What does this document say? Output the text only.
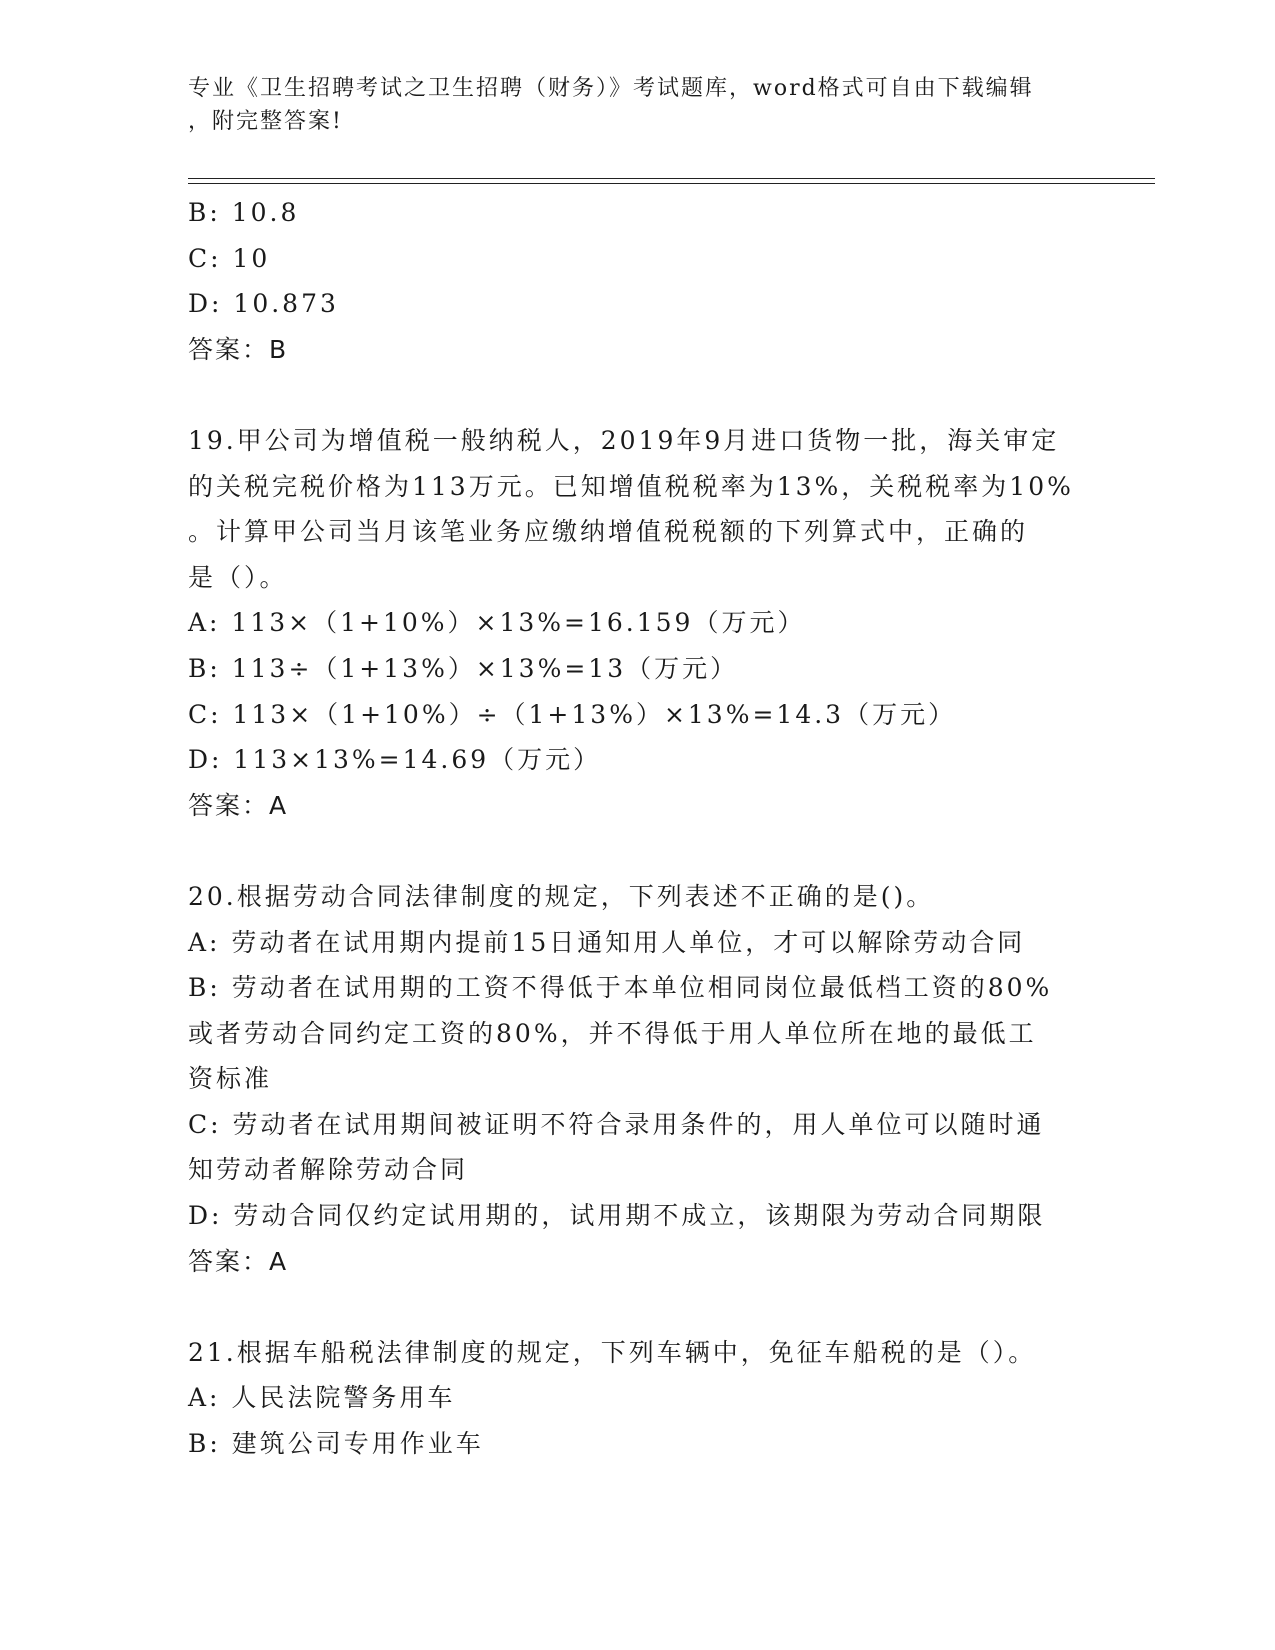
专业《卫生招聘考试之卫生招聘（财务）》考试题库，word格式可自由下载编辑
，附完整答案!
B: 10.8
C: 10
D: 10.873
答案：B
19.甲公司为增值税一般纳税人，2019年9月进口货物一批，海关审定
的关税完税价格为113万元。已知增值税税率为13%，关税税率为10%
。计算甲公司当月该笔业务应缴纳增值税税额的下列算式中，正确的
是（）。
A: 113×（1+10%）×13%=16.159（万元）
B: 113÷（1+13%）×13%=13（万元）
C: 113×（1+10%）÷（1+13%）×13%=14.3（万元）
D: 113×13%=14.69（万元）
答案：A
20.根据劳动合同法律制度的规定，下列表述不正确的是()。
A: 劳动者在试用期内提前15日通知用人单位，才可以解除劳动合同
B: 劳动者在试用期的工资不得低于本单位相同岗位最低档工资的80%
或者劳动合同约定工资的80%，并不得低于用人单位所在地的最低工
资标准
C: 劳动者在试用期间被证明不符合录用条件的，用人单位可以随时通
知劳动者解除劳动合同
D: 劳动合同仅约定试用期的，试用期不成立，该期限为劳动合同期限
答案：A
21.根据车船税法律制度的规定，下列车辆中，免征车船税的是（）。
A: 人民法院警务用车
B: 建筑公司专用作业车
